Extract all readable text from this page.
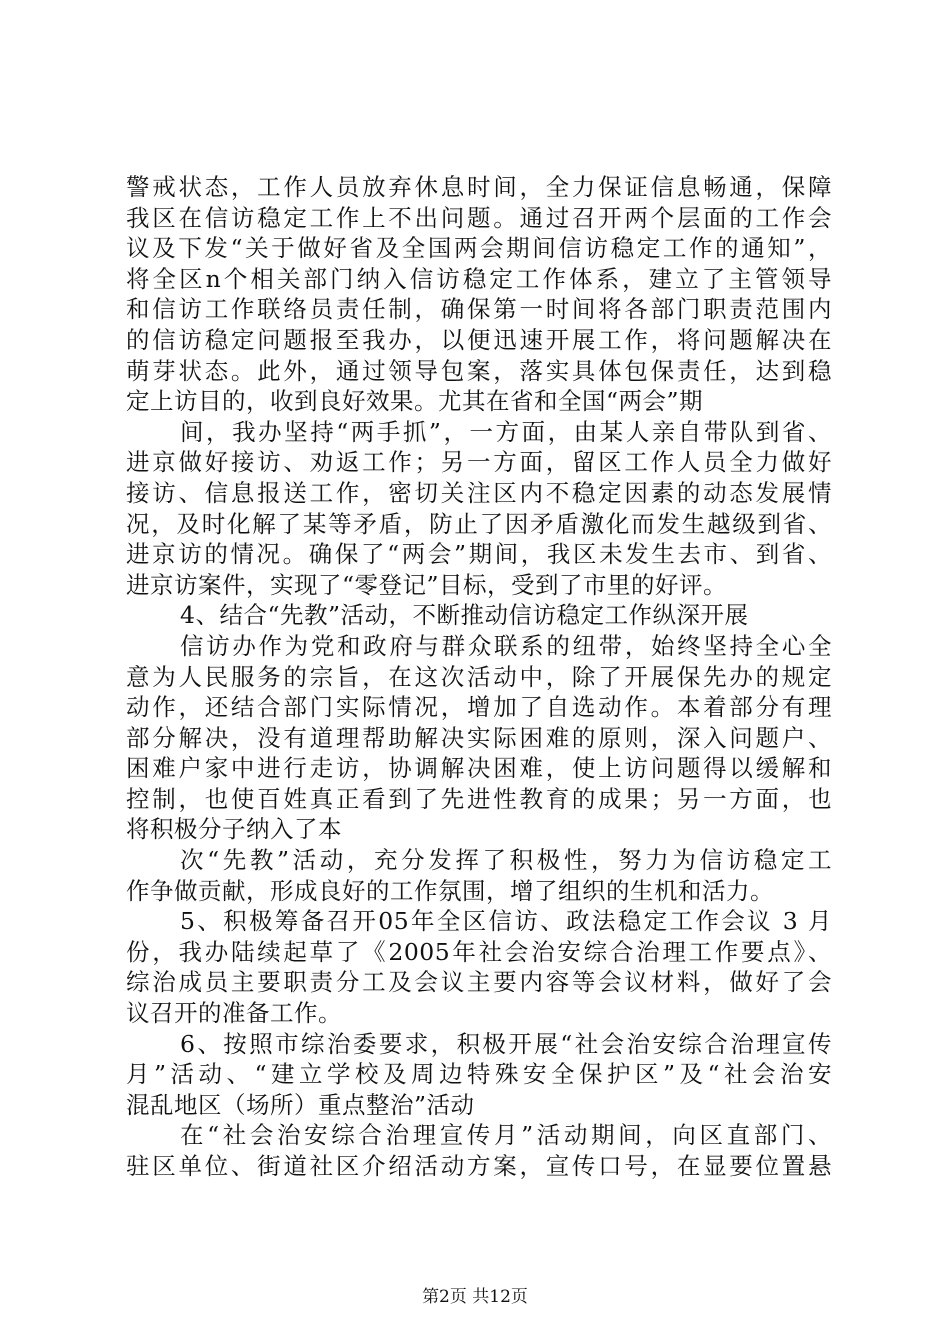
警戒状态，工作人员放弃休息时间，全力保证信息畅通，保障
我区在信访稳定工作上不出问题。通过召开两个层面的工作会
议及下发“关于做好省及全国两会期间信访稳定工作的通知”，
将全区n个相关部门纳入信访稳定工作体系，建立了主管领导
和信访工作联络员责任制，确保第一时间将各部门职责范围内
的信访稳定问题报至我办，以便迅速开展工作，将问题解决在
萌芽状态。此外，通过领导包案，落实具体包保责任，达到稳
定上访目的，收到良好效果。尤其在省和全国“两会”期
间，我办坚持“两手抓”，一方面，由某人亲自带队到省、
进京做好接访、劝返工作；另一方面，留区工作人员全力做好
接访、信息报送工作，密切关注区内不稳定因素的动态发展情
况，及时化解了某等矛盾，防止了因矛盾激化而发生越级到省、
进京访的情况。确保了“两会”期间，我区未发生去市、到省、
进京访案件，实现了“零登记”目标，受到了市里的好评。
4、结合“先教”活动，不断推动信访稳定工作纵深开展
信访办作为党和政府与群众联系的纽带，始终坚持全心全
意为人民服务的宗旨，在这次活动中，除了开展保先办的规定
动作，还结合部门实际情况，增加了自选动作。本着部分有理
部分解决，没有道理帮助解决实际困难的原则，深入问题户、
困难户家中进行走访，协调解决困难，使上访问题得以缓解和
控制，也使百姓真正看到了先进性教育的成果；另一方面，也
将积极分子纳入了本
次“先教”活动，充分发挥了积极性，努力为信访稳定工
作争做贡献，形成良好的工作氛围，增了组织的生机和活力。
5、积极筹备召开05年全区信访、政法稳定工作会议 3 月
份，我办陆续起草了《2005年社会治安综合治理工作要点》、
综治成员主要职责分工及会议主要内容等会议材料，做好了会
议召开的准备工作。
6、按照市综治委要求，积极开展“社会治安综合治理宣传
月”活动、“建立学校及周边特殊安全保护区”及“社会治安
混乱地区（场所）重点整治”活动
在“社会治安综合治理宣传月”活动期间，向区直部门、
驻区单位、街道社区介绍活动方案，宣传口号，在显要位置悬
第2页 共12页
